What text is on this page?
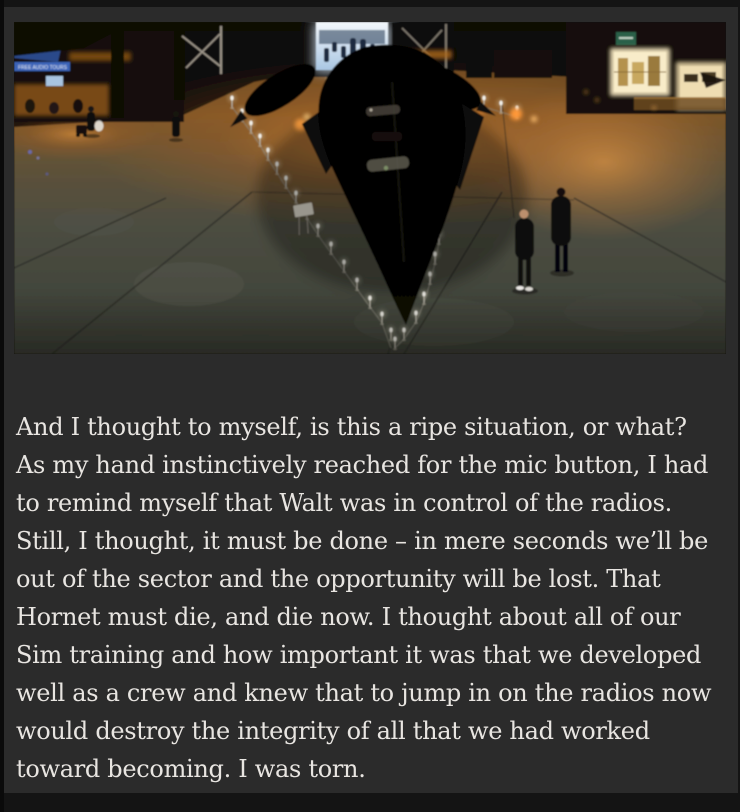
FREE AUDIO TOURS
And I thought to myself, is this a ripe situation, or what?
As my hand instinctively reached for the mic button, I had
to remind myself that Walt was in control of the radios.
Still, I thought, it must be done – in mere seconds we’ll be
out of the sector and the opportunity will be lost. That
Hornet must die, and die now. I thought about all of our
Sim training and how important it was that we developed
well as a crew and knew that to jump in on the radios now
would destroy the integrity of all that we had worked
toward becoming. I was torn.
